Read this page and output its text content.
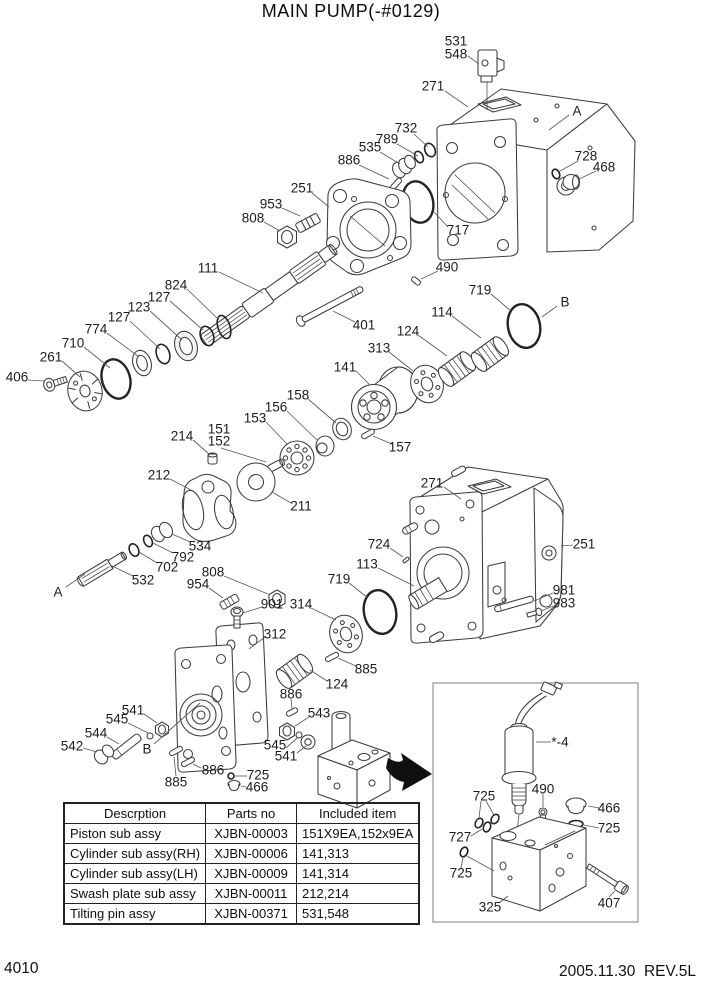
MAIN PUMP(-#0129)
531
548
271
A
732
789
535
886	728
468
251
953
808
717
111
824
127
123
127
774
710
261
406
490
719
B
114
401 124
313
141
158
156
153
151
152
214
157
212
211
271
251
724
113
534
792
702
532
A
808
954	719
901 314
981
983
312
885
124
886
543
541
545
544
542	B	545
541
886 725
466
885
*-4
725	490
466
725
727
725
325	407
Descrption	Parts no	Included item
Piston sub assy	XJBN-00003	151X9EA,152x9EA
Cylinder sub assy(RH)	XJBN-00006	141,313
Cylinder sub assy(LH)	XJBN-00009	141,314
Swash plate sub assy	XJBN-00011	212,214
Tilting pin assy	XJBN-00371	531,548
4010	2005.11.30  REV.5L
